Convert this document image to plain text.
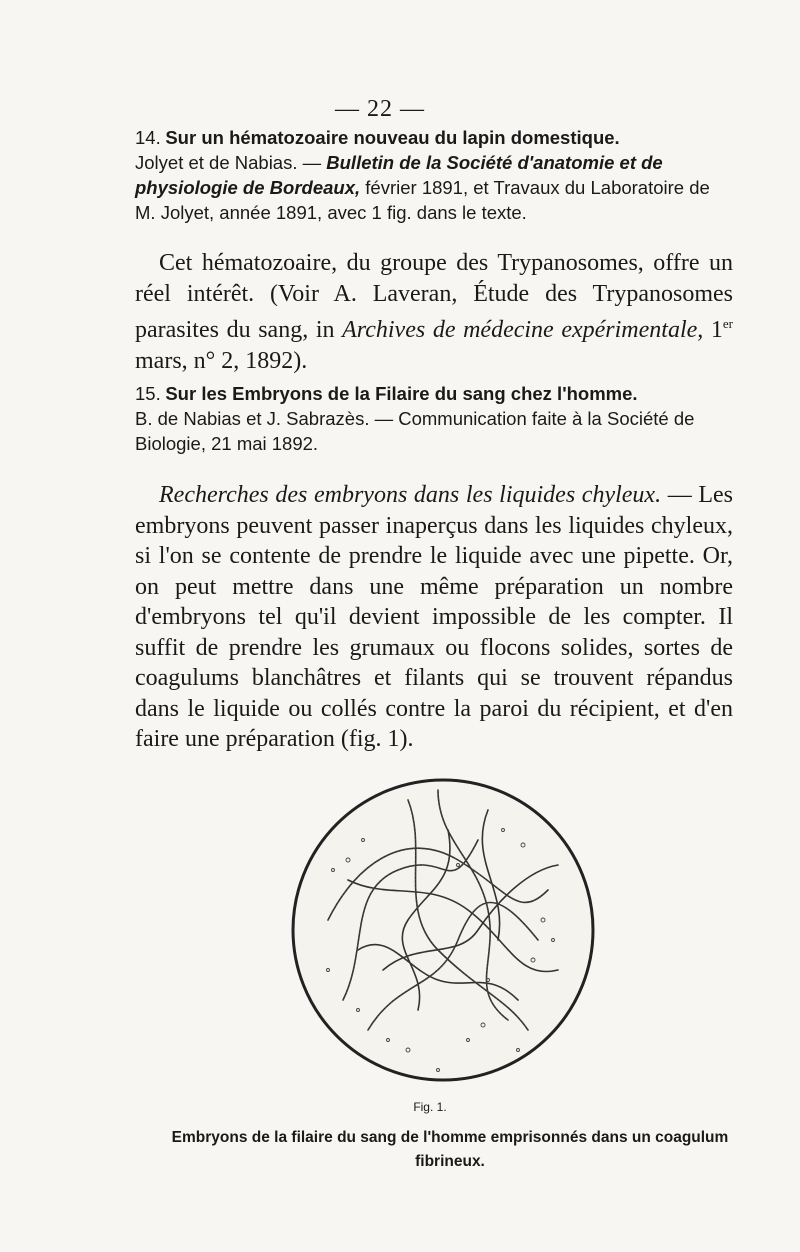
— 22 —
14. Sur un hématozoaire nouveau du lapin domestique.
Jolyet et de Nabias. — Bulletin de la Société d'anatomie et de physiologie de Bordeaux, février 1891, et Travaux du Laboratoire de M. Jolyet, année 1891, avec 1 fig. dans le texte.
Cet hématozoaire, du groupe des Trypanosomes, offre un réel intérêt. (Voir A. Laveran, Étude des Trypanosomes parasites du sang, in Archives de médecine expérimentale, 1er mars, n° 2, 1892).
15. Sur les Embryons de la Filaire du sang chez l'homme.
B. de Nabias et J. Sabrazès. — Communication faite à la Société de Biologie, 21 mai 1892.
Recherches des embryons dans les liquides chyleux. — Les embryons peuvent passer inaperçus dans les liquides chyleux, si l'on se contente de prendre le liquide avec une pipette. Or, on peut mettre dans une même préparation un nombre d'embryons tel qu'il devient impossible de les compter. Il suffit de prendre les grumaux ou flocons solides, sortes de coagulums blanchâtres et filants qui se trouvent répandus dans le liquide ou collés contre la paroi du récipient, et d'en faire une préparation (fig. 1).
Fig. 1.
Embryons de la filaire du sang de l'homme emprisonnés dans un coagulum fibrineux.
